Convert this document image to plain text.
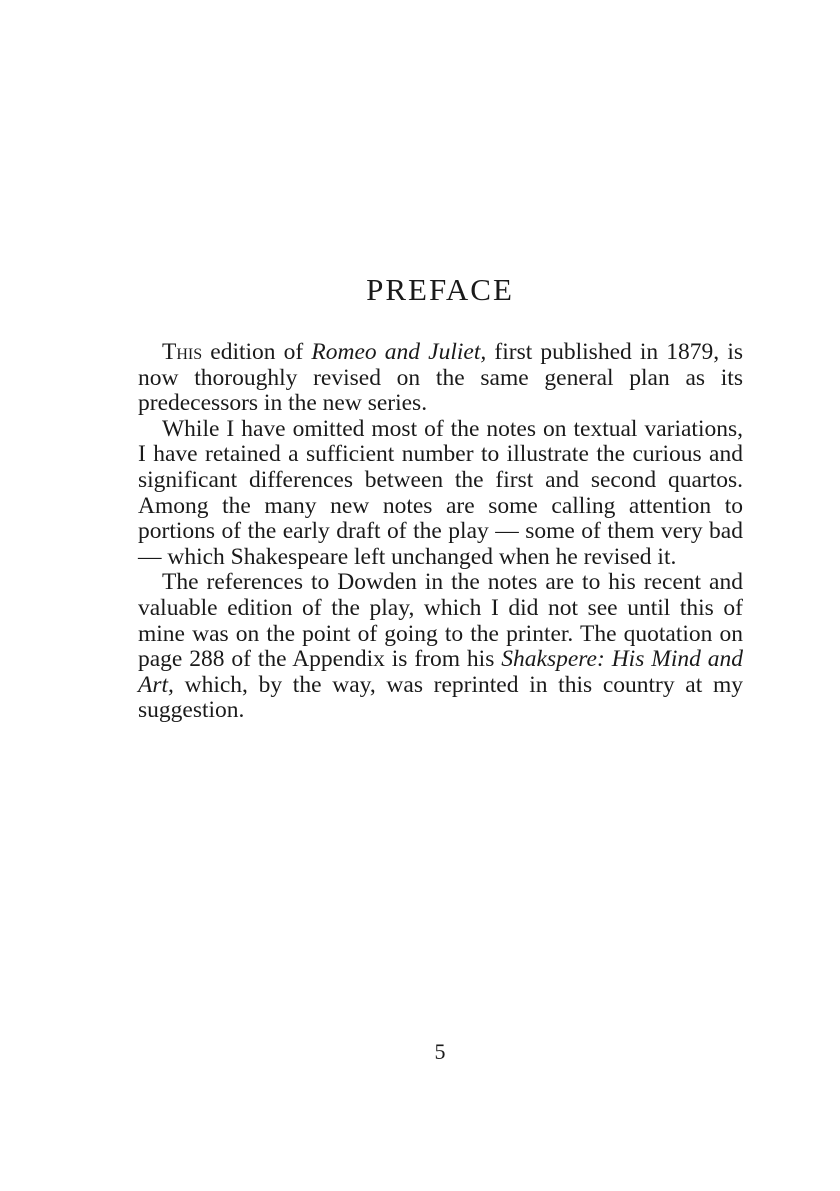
PREFACE

This edition of Romeo and Juliet, first published in 1879, is now thoroughly revised on the same general plan as its predecessors in the new series.

While I have omitted most of the notes on textual variations, I have retained a sufficient number to illustrate the curious and significant differences between the first and second quartos. Among the many new notes are some calling attention to portions of the early draft of the play — some of them very bad — which Shakespeare left unchanged when he revised it.

The references to Dowden in the notes are to his recent and valuable edition of the play, which I did not see until this of mine was on the point of going to the printer. The quotation on page 288 of the Appendix is from his Shakspere: His Mind and Art, which, by the way, was reprinted in this country at my suggestion.

5
